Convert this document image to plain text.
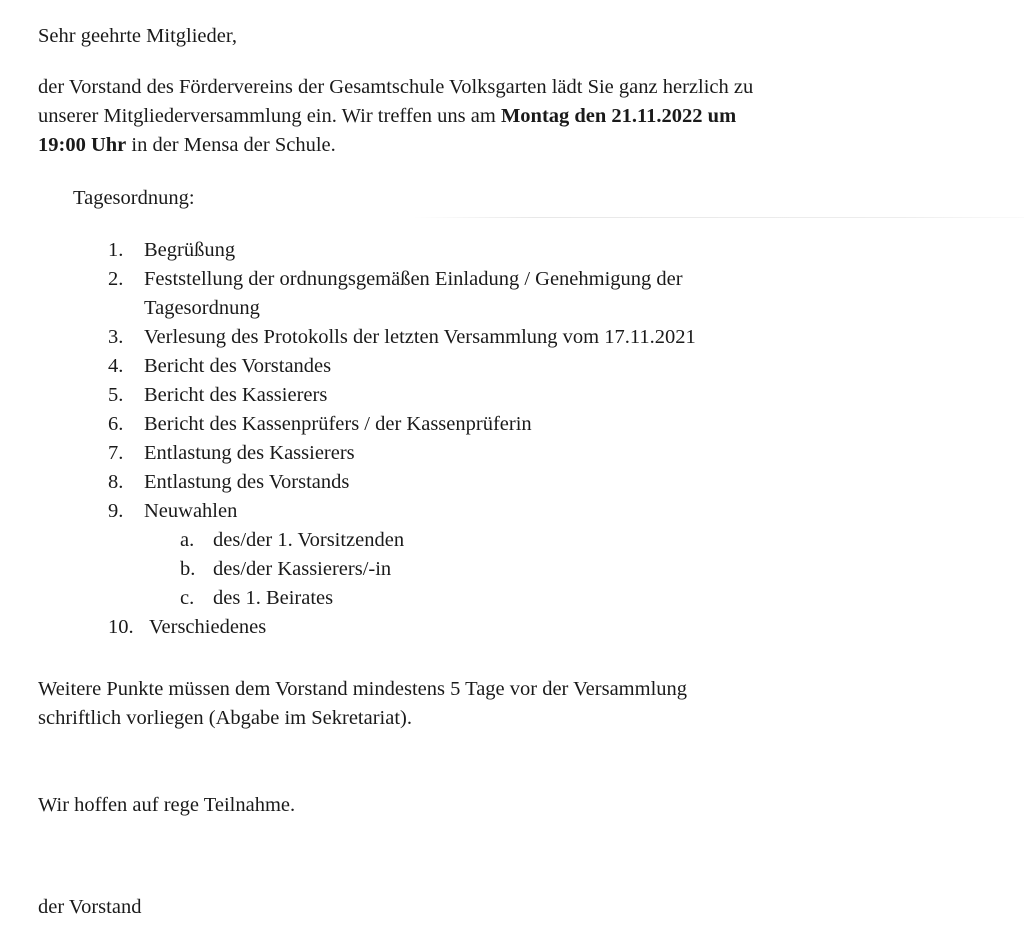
Sehr geehrte Mitglieder,

der Vorstand des Fördervereins der Gesamtschule Volksgarten lädt Sie ganz herzlich zu
unserer Mitgliederversammlung ein. Wir treffen uns am Montag den 21.11.2022 um
19:00 Uhr in der Mensa der Schule.

Tagesordnung:

1. Begrüßung
2. Feststellung der ordnungsgemäßen Einladung / Genehmigung der
Tagesordnung
3. Verlesung des Protokolls der letzten Versammlung vom 17.11.2021
4. Bericht des Vorstandes
5. Bericht des Kassierers
6. Bericht des Kassenprüfers / der Kassenprüferin
7. Entlastung des Kassierers
8. Entlastung des Vorstands
9. Neuwahlen
a. des/der 1. Vorsitzenden
b. des/der Kassierers/-in
c. des 1. Beirates
10. Verschiedenes

Weitere Punkte müssen dem Vorstand mindestens 5 Tage vor der Versammlung
schriftlich vorliegen (Abgabe im Sekretariat).

Wir hoffen auf rege Teilnahme.

der Vorstand
